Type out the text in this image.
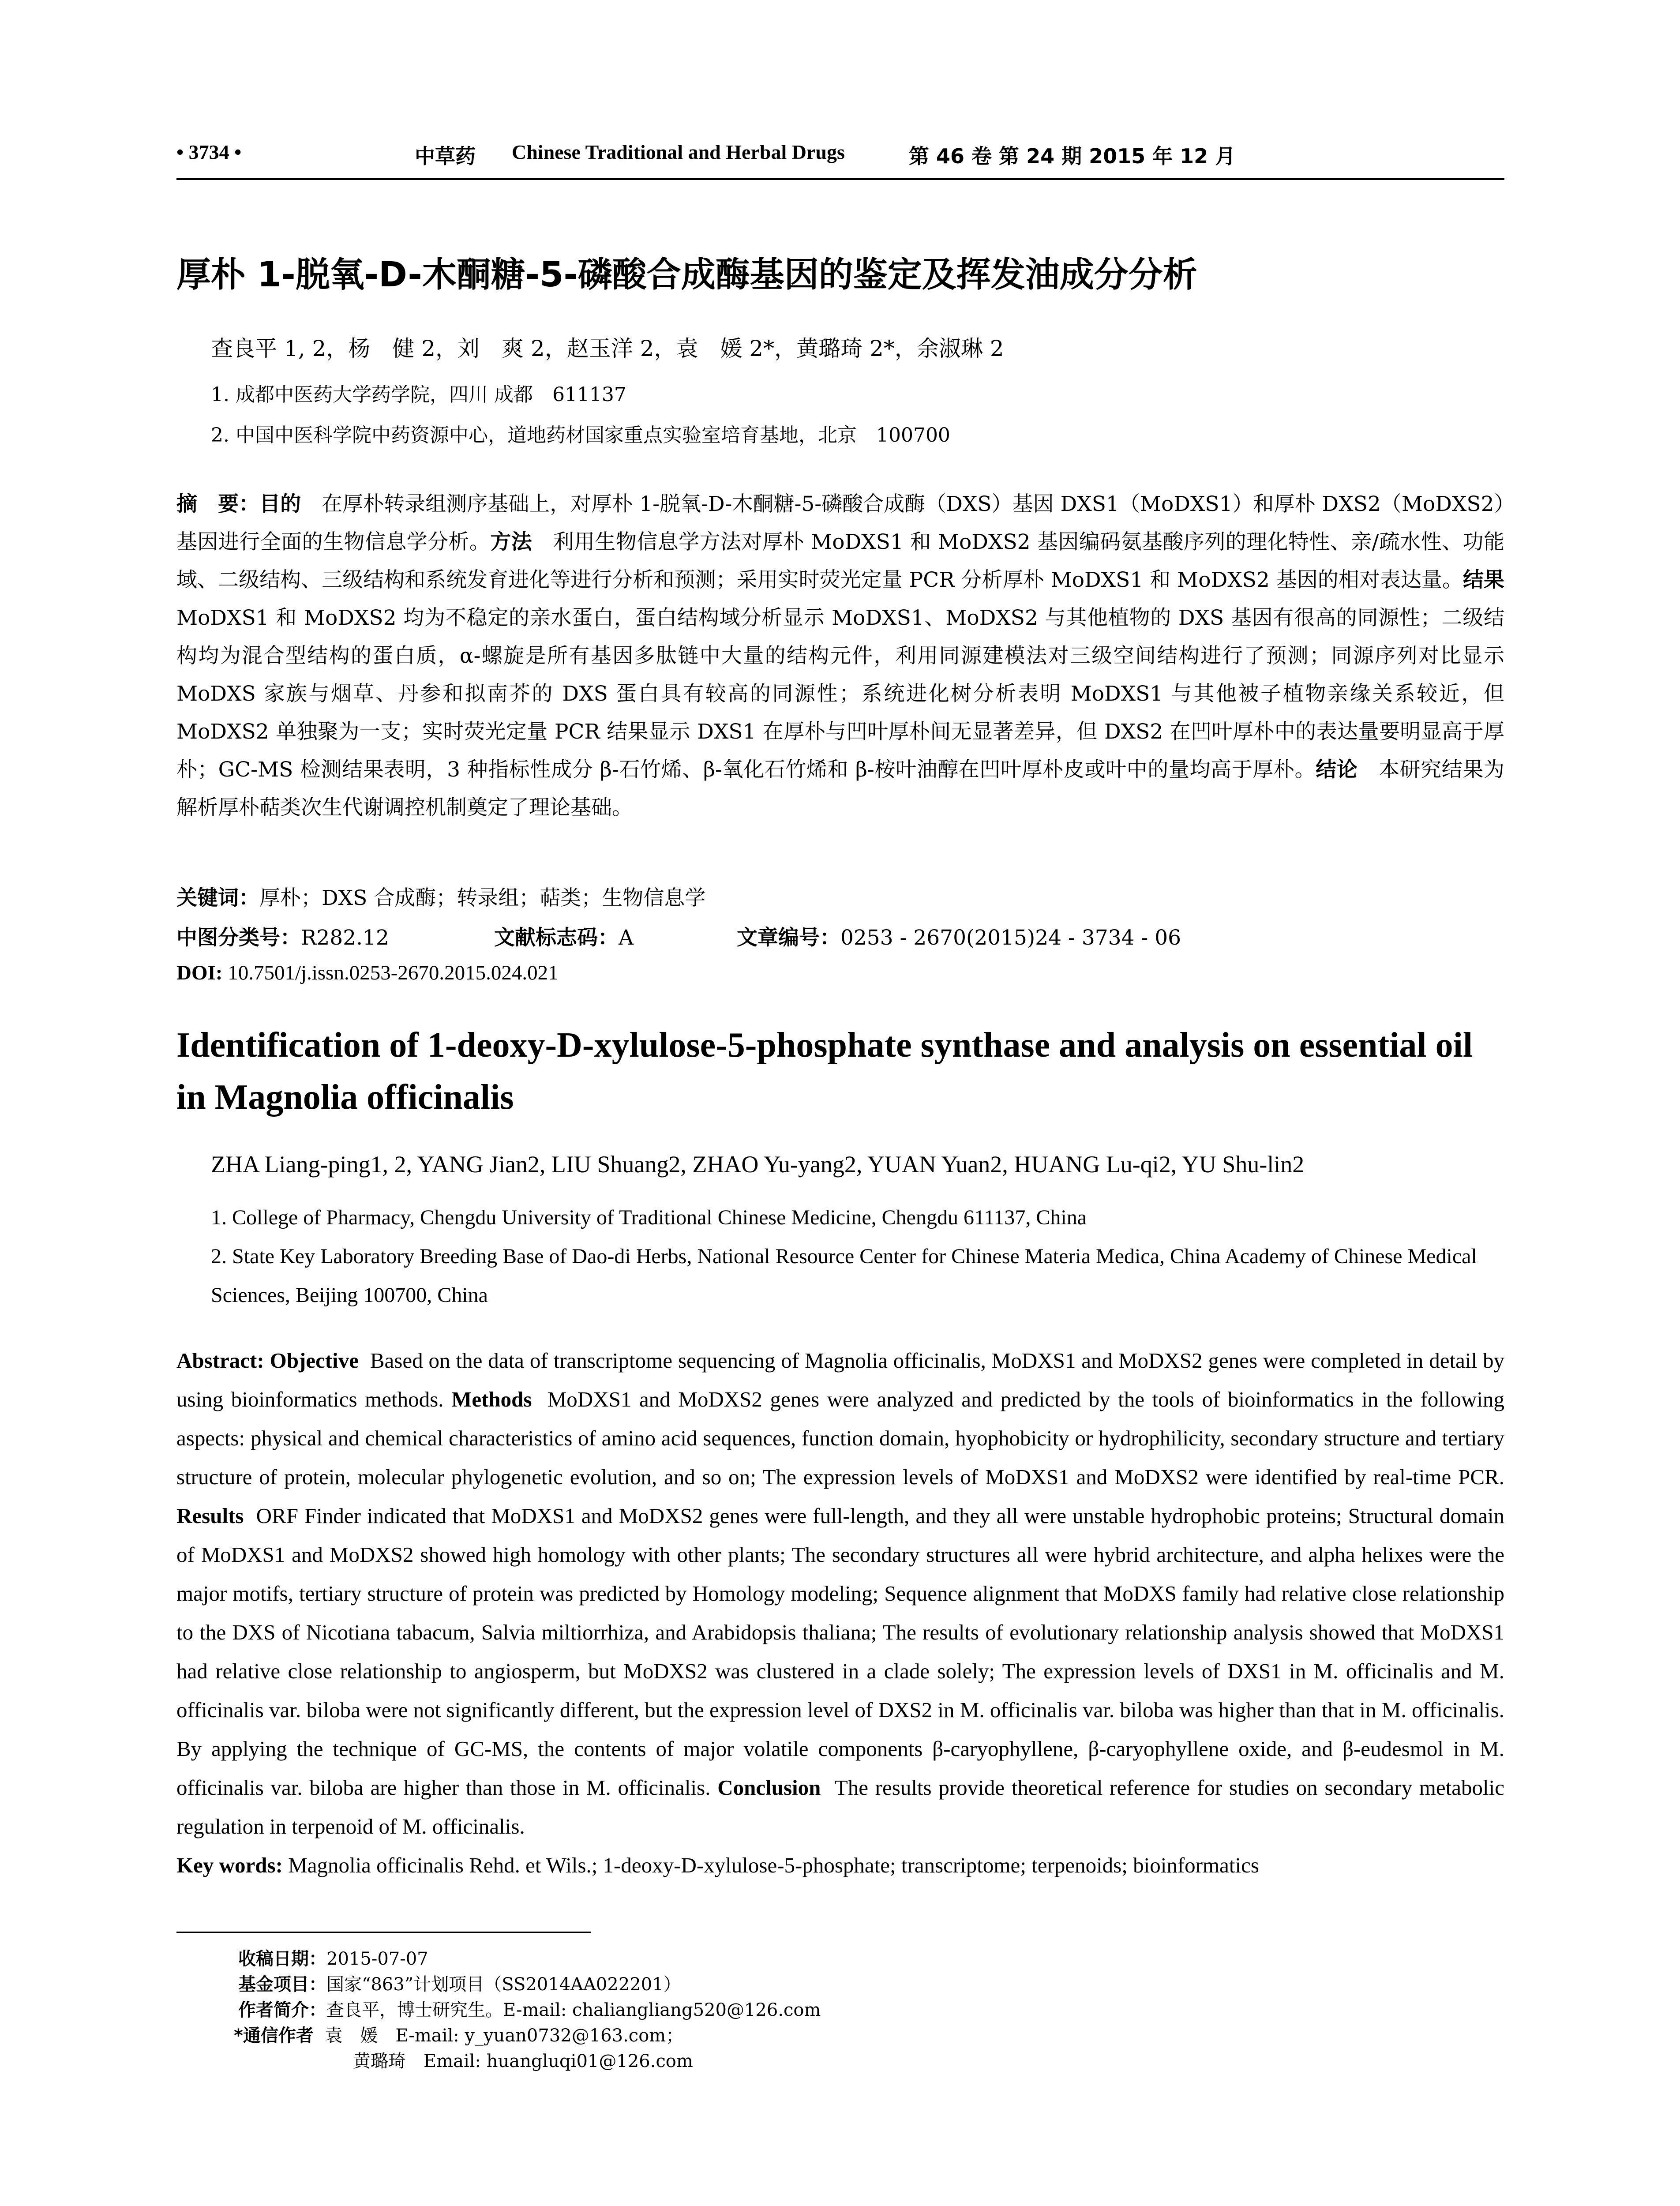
• 3734 •	中草药 Chinese Traditional and Herbal Drugs	第 46 卷 第 24 期 2015 年 12 月
厚朴 1-脱氧-D-木酮糖-5-磷酸合成酶基因的鉴定及挥发油成分分析
查良平 1, 2，杨　健 2，刘　爽 2，赵玉洋 2，袁　媛 2*，黄璐琦 2*，余淑琳 2
1. 成都中医药大学药学院，四川 成都　611137
2. 中国中医科学院中药资源中心，道地药材国家重点实验室培育基地，北京　100700
摘　要：目的　 在厚朴转录组测序基础上，对厚朴 1-脱氧-D-木酮糖-5-磷酸合成酶（DXS）基因 DXS1（MoDXS1）和厚朴 DXS2（MoDXS2）基因进行全面的生物信息学分析。方法　 利用生物信息学方法对厚朴 MoDXS1 和 MoDXS2 基因编码氨基酸序列的理化特性、亲/疏水性、功能域、二级结构、三级结构和系统发育进化等进行分析和预测；采用实时荧光定量 PCR 分析厚朴 MoDXS1 和 MoDXS2 基因的相对表达量。结果　MoDXS1 和 MoDXS2 均为不稳定的亲水蛋白，蛋白结构域分析显示 MoDXS1、MoDXS2 与其他植物的 DXS 基因有很高的同源性；二级结构均为混合型结构的蛋白质，α-螺旋是所有基因多肽链中大量的结构元件，利用同源建模法对三级空间结构进行了预测；同源序列对比显示 MoDXS 家族与烟草、丹参和拟南芥的 DXS 蛋白具有较高的同源性；系统进化树分析表明 MoDXS1 与其他被子植物亲缘关系较近，但 MoDXS2 单独聚为一支；实时荧光定量 PCR 结果显示 DXS1 在厚朴与凹叶厚朴间无显著差异，但 DXS2 在凹叶厚朴中的表达量要明显高于厚朴；GC-MS 检测结果表明，3 种指标性成分 β-石竹烯、β-氧化石竹烯和 β-桉叶油醇在凹叶厚朴皮或叶中的量均高于厚朴。结论　 本研究结果为解析厚朴萜类次生代谢调控机制奠定了理论基础。
关键词：厚朴；DXS 合成酶；转录组；萜类；生物信息学
中图分类号：R282.12	文献标志码：A	文章编号：0253 - 2670(2015)24 - 3734 - 06
DOI: 10.7501/j.issn.0253-2670.2015.024.021
Identification of 1-deoxy-D-xylulose-5-phosphate synthase and analysis on essential oil in Magnolia officinalis
ZHA Liang-ping1, 2, YANG Jian2, LIU Shuang2, ZHAO Yu-yang2, YUAN Yuan2, HUANG Lu-qi2, YU Shu-lin2
1. College of Pharmacy, Chengdu University of Traditional Chinese Medicine, Chengdu 611137, China
2. State Key Laboratory Breeding Base of Dao-di Herbs, National Resource Center for Chinese Materia Medica, China Academy of Chinese Medical Sciences, Beijing 100700, China
Abstract: Objective Based on the data of transcriptome sequencing of Magnolia officinalis, MoDXS1 and MoDXS2 genes were completed in detail by using bioinformatics methods. Methods MoDXS1 and MoDXS2 genes were analyzed and predicted by the tools of bioinformatics in the following aspects: physical and chemical characteristics of amino acid sequences, function domain, hyophobicity or hydrophilicity, secondary structure and tertiary structure of protein, molecular phylogenetic evolution, and so on; The expression levels of MoDXS1 and MoDXS2 were identified by real-time PCR. Results ORF Finder indicated that MoDXS1 and MoDXS2 genes were full-length, and they all were unstable hydrophobic proteins; Structural domain of MoDXS1 and MoDXS2 showed high homology with other plants; The secondary structures all were hybrid architecture, and alpha helixes were the major motifs, tertiary structure of protein was predicted by Homology modeling; Sequence alignment that MoDXS family had relative close relationship to the DXS of Nicotiana tabacum, Salvia miltiorrhiza, and Arabidopsis thaliana; The results of evolutionary relationship analysis showed that MoDXS1 had relative close relationship to angiosperm, but MoDXS2 was clustered in a clade solely; The expression levels of DXS1 in M. officinalis and M. officinalis var. biloba were not significantly different, but the expression level of DXS2 in M. officinalis var. biloba was higher than that in M. officinalis. By applying the technique of GC-MS, the contents of major volatile components β-caryophyllene, β-caryophyllene oxide, and β-eudesmol in M. officinalis var. biloba are higher than those in M. officinalis. Conclusion The results provide theoretical reference for studies on secondary metabolic regulation in terpenoid of M. officinalis.
Key words: Magnolia officinalis Rehd. et Wils.; 1-deoxy-D-xylulose-5-phosphate; transcriptome; terpenoids; bioinformatics
收稿日期：2015-07-07
基金项目：国家“863”计划项目（SS2014AA022201）
作者简介：查良平，博士研究生。E-mail: chaliangliang520@126.com
*通信作者 袁　媛　E-mail: y_yuan0732@163.com；
黄璐琦　Email: huangluqi01@126.com
